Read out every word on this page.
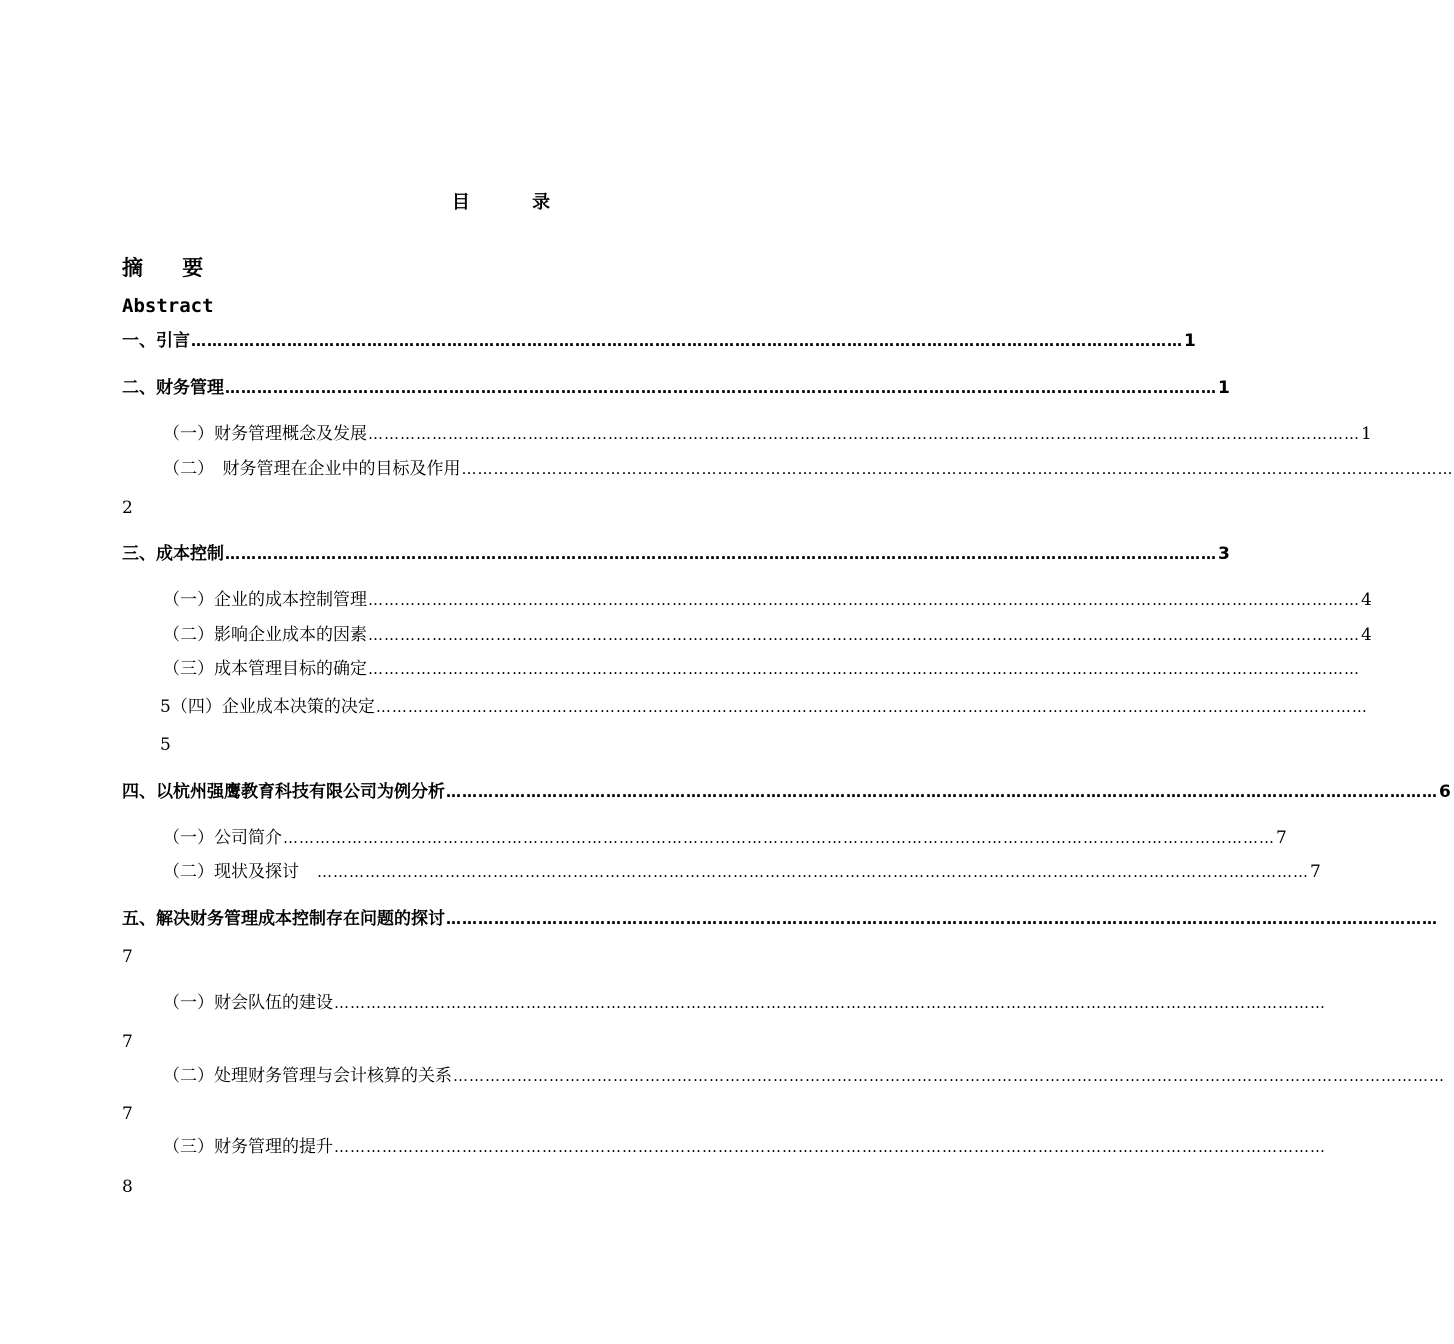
目 录
摘 要
Abstract
一、引言 …………………………………………………………………………………………………………………………………………………………………… 1
二、财务管理 …………………………………………………………………………………………………………………………………………………………………… 1
（一）财务管理概念及发展 …………………………………………………………………………………………………………………………………………………………………… 1
（二）　财务管理在企业中的目标及作用 ……………………………………………………………………………………………………………………………………………………………………
2
三、成本控制 …………………………………………………………………………………………………………………………………………………………………… 3
（一）企业的成本控制管理 …………………………………………………………………………………………………………………………………………………………………… 4
（二）影响企业成本的因素 …………………………………………………………………………………………………………………………………………………………………… 4
（三）成本管理目标的确定 ……………………………………………………………………………………………………………………………………………………………………
5（四）企业成本决策的决定 ……………………………………………………………………………………………………………………………………………………………………
5
四、以杭州强鹰教育科技有限公司为例分析 …………………………………………………………………………………………………………………………………………………………………… 6
（一）公司简介 …………………………………………………………………………………………………………………………………………………………………… 7
（二）现状及探讨　 …………………………………………………………………………………………………………………………………………………………………… 7
五、解决财务管理成本控制存在问题的探讨 ……………………………………………………………………………………………………………………………………………………………………
7
（一）财会队伍的建设 ……………………………………………………………………………………………………………………………………………………………………
7
（二）处理财务管理与会计核算的关系 ……………………………………………………………………………………………………………………………………………………………………
7
（三）财务管理的提升 ……………………………………………………………………………………………………………………………………………………………………
8
